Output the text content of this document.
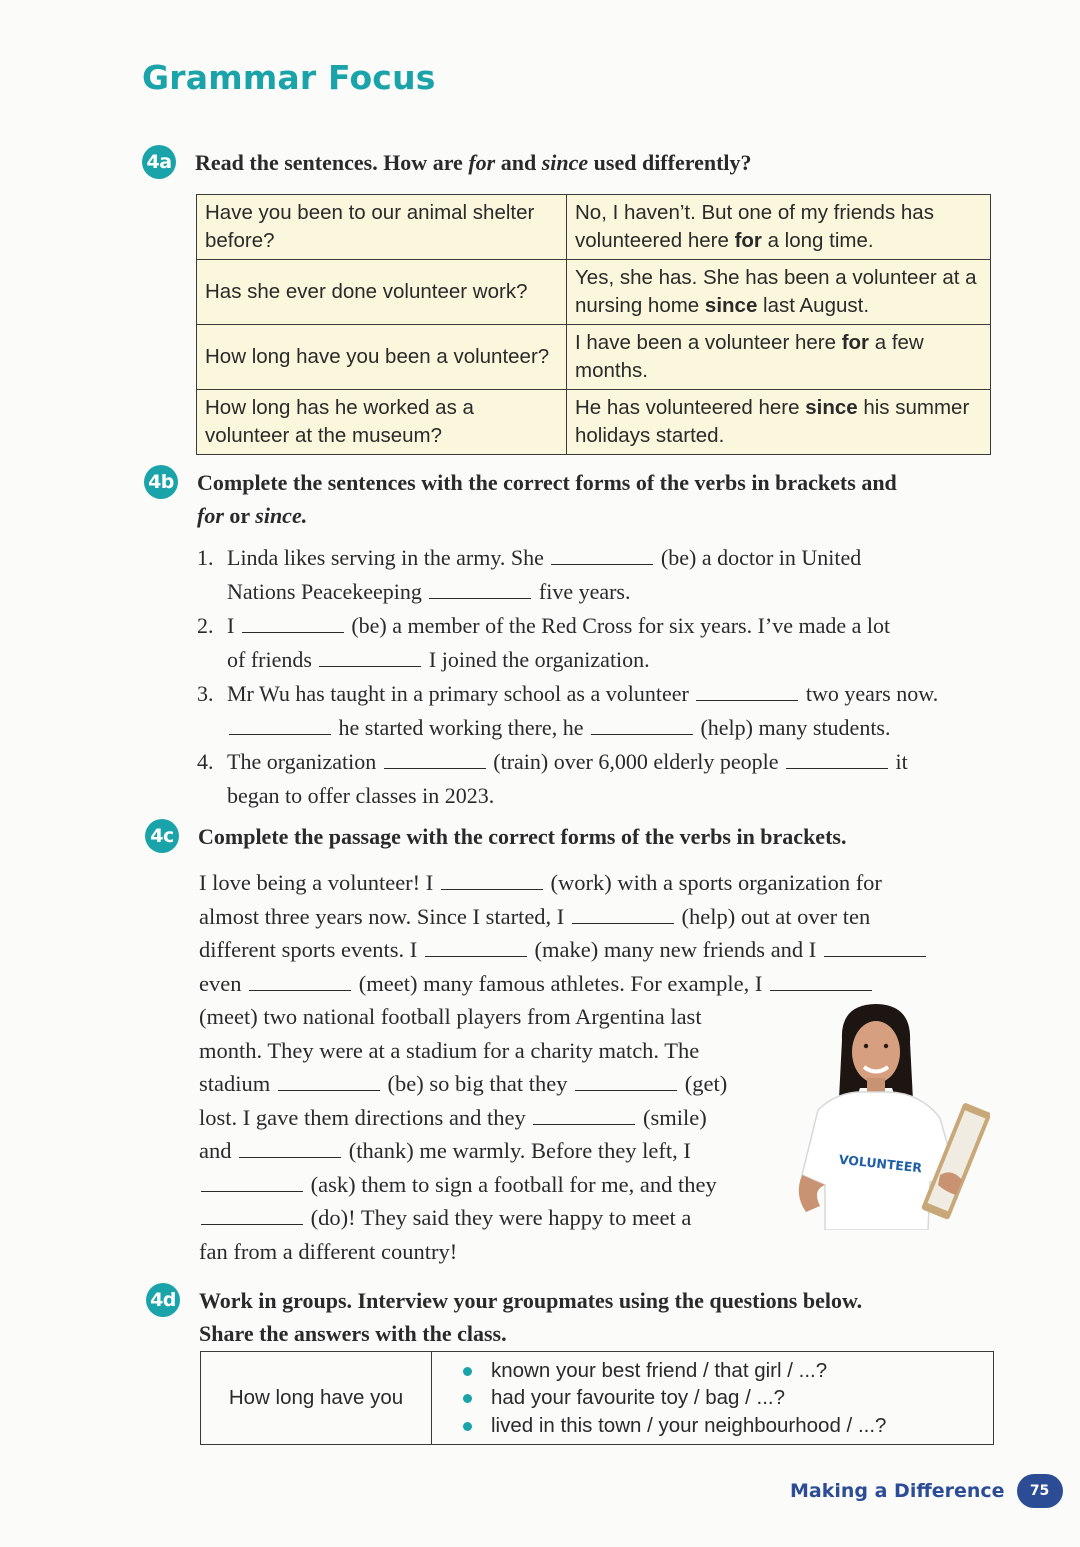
Grammar Focus
4a Read the sentences. How are for and since used differently?
Have you been to our animal shelter before?	No, I haven’t. But one of my friends has volunteered here for a long time.
Has she ever done volunteer work?	Yes, she has. She has been a volunteer at a nursing home since last August.
How long have you been a volunteer?	I have been a volunteer here for a few months.
How long has he worked as a volunteer at the museum?	He has volunteered here since his summer holidays started.
4b Complete the sentences with the correct forms of the verbs in brackets and
for or since.
1. Linda likes serving in the army. She	(be) a doctor in United
Nations Peacekeeping	five years.
2. I	(be) a member of the Red Cross for six years. I’ve made a lot
of friends	I joined the organization.
3. Mr Wu has taught in a primary school as a volunteer	two years now.
he started working there, he	(help) many students.
4. The organization	(train) over 6,000 elderly people	it
began to offer classes in 2023.
4c Complete the passage with the correct forms of the verbs in brackets.
I love being a volunteer! I	(work) with a sports organization for
almost three years now. Since I started, I	(help) out at over ten
different sports events. I	(make) many new friends and I
even	(meet) many famous athletes. For example, I
(meet) two national football players from Argentina last
month. They were at a stadium for a charity match. The
stadium	(be) so big that they	(get)
lost. I gave them directions and they	(smile)
and	(thank) me warmly. Before they left, I
(ask) them to sign a football for me, and they
(do)! They said they were happy to meet a
fan from a different country!
VOLUNTEER
4d Work in groups. Interview your groupmates using the questions below.
Share the answers with the class.
How long have you	
known your best friend / that girl / ...?
had your favourite toy / bag / ...?
lived in this town / your neighbourhood / ...?
Making a Difference	75
